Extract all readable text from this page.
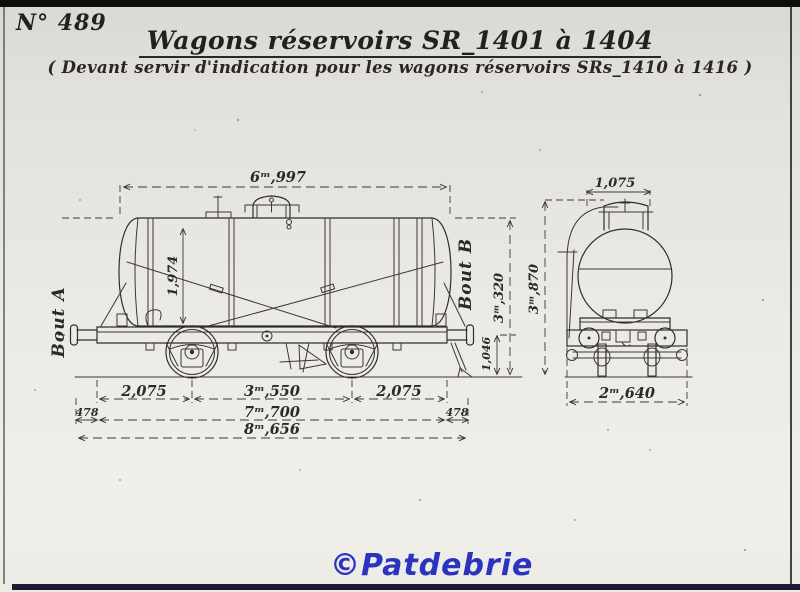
N° 489
Wagons réservoirs SR_1401 à 1404
( Devant servir d'indication pour les wagons réservoirs SRs_1410 à 1416 )
6ᵐ,997
1,974
Bout A
Bout B 3ᵐ,320
1,046
2,075	3ᵐ,550	2,075
478	7ᵐ,700	478
8ᵐ,656
1,075
3ᵐ,870
2ᵐ,640
©Patdebrie
